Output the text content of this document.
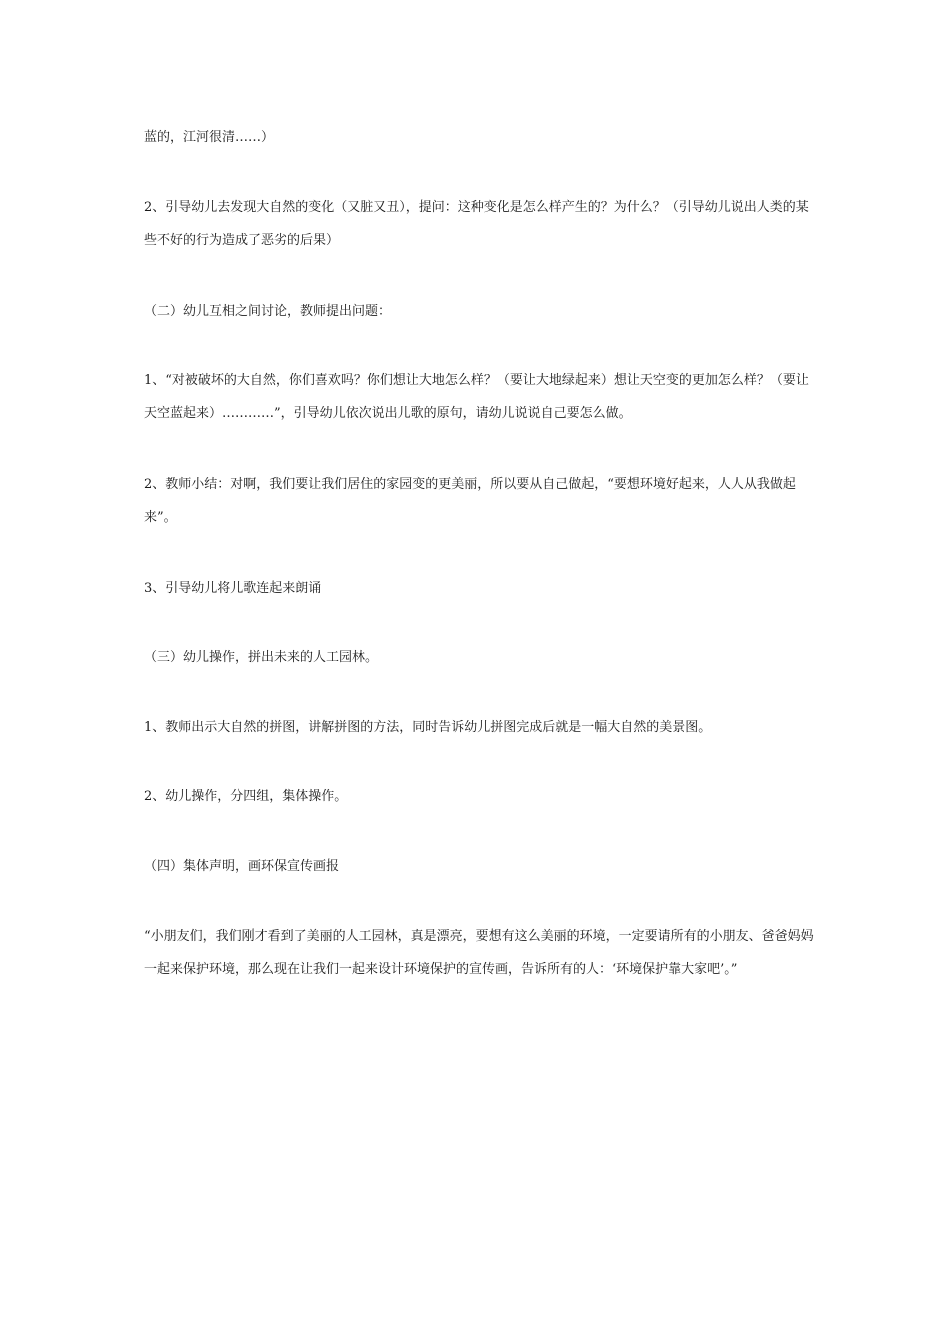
蓝的，江河很清……）

2、引导幼儿去发现大自然的变化（又脏又丑），提问：这种变化是怎么样产生的？为什么？（引导幼儿说出人类的某些不好的行为造成了恶劣的后果）

（二）幼儿互相之间讨论，教师提出问题：

1、“对被破坏的大自然，你们喜欢吗？你们想让大地怎么样？（要让大地绿起来）想让天空变的更加怎么样？（要让天空蓝起来）…………”，引导幼儿依次说出儿歌的原句，请幼儿说说自己要怎么做。

2、教师小结：对啊，我们要让我们居住的家园变的更美丽，所以要从自己做起，“要想环境好起来，人人从我做起来”。

3、引导幼儿将儿歌连起来朗诵

（三）幼儿操作，拼出未来的人工园林。

1、教师出示大自然的拼图，讲解拼图的方法，同时告诉幼儿拼图完成后就是一幅大自然的美景图。

2、幼儿操作，分四组，集体操作。

（四）集体声明，画环保宣传画报

“小朋友们，我们刚才看到了美丽的人工园林，真是漂亮，要想有这么美丽的环境，一定要请所有的小朋友、爸爸妈妈一起来保护环境，那么现在让我们一起来设计环境保护的宣传画，告诉所有的人：‘环境保护靠大家吧’。”
